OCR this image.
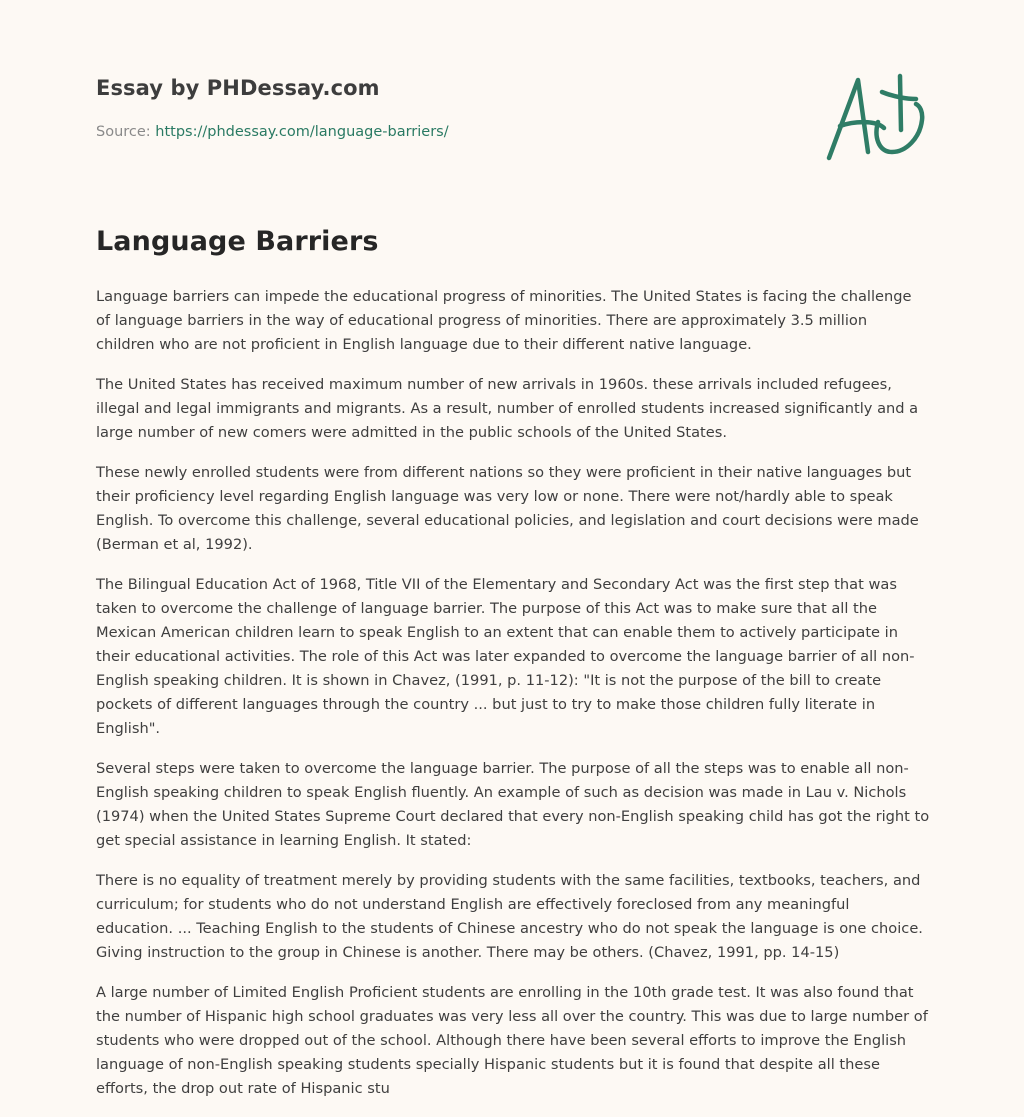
Essay by PHDessay.com
Source: https://phdessay.com/language-barriers/
Language Barriers

Language barriers can impede the educational progress of minorities. The United States is facing the challenge of language barriers in the way of educational progress of minorities. There are approximately 3.5 million children who are not proficient in English language due to their different native language.

The United States has received maximum number of new arrivals in 1960s. these arrivals included refugees, illegal and legal immigrants and migrants. As a result, number of enrolled students increased significantly and a large number of new comers were admitted in the public schools of the United States.

These newly enrolled students were from different nations so they were proficient in their native languages but their proficiency level regarding English language was very low or none. There were not/hardly able to speak English. To overcome this challenge, several educational policies, and legislation and court decisions were made (Berman et al, 1992).

The Bilingual Education Act of 1968, Title VII of the Elementary and Secondary Act was the first step that was taken to overcome the challenge of language barrier. The purpose of this Act was to make sure that all the Mexican American children learn to speak English to an extent that can enable them to actively participate in their educational activities. The role of this Act was later expanded to overcome the language barrier of all non-English speaking children. It is shown in Chavez, (1991, p. 11-12): "It is not the purpose of the bill to create pockets of different languages through the country ... but just to try to make those children fully literate in English".

Several steps were taken to overcome the language barrier. The purpose of all the steps was to enable all non-English speaking children to speak English fluently. An example of such as decision was made in Lau v. Nichols (1974) when the United States Supreme Court declared that every non-English speaking child has got the right to get special assistance in learning English. It stated:

There is no equality of treatment merely by providing students with the same facilities, textbooks, teachers, and curriculum; for students who do not understand English are effectively foreclosed from any meaningful education. ... Teaching English to the students of Chinese ancestry who do not speak the language is one choice. Giving instruction to the group in Chinese is another. There may be others. (Chavez, 1991, pp. 14-15)

A large number of Limited English Proficient students are enrolling in the 10th grade test. It was also found that the number of Hispanic high school graduates was very less all over the country. This was due to large number of students who were dropped out of the school. Although there have been several efforts to improve the English language of non-English speaking students specially Hispanic students but it is found that despite all these efforts, the drop out rate of Hispanic stu
